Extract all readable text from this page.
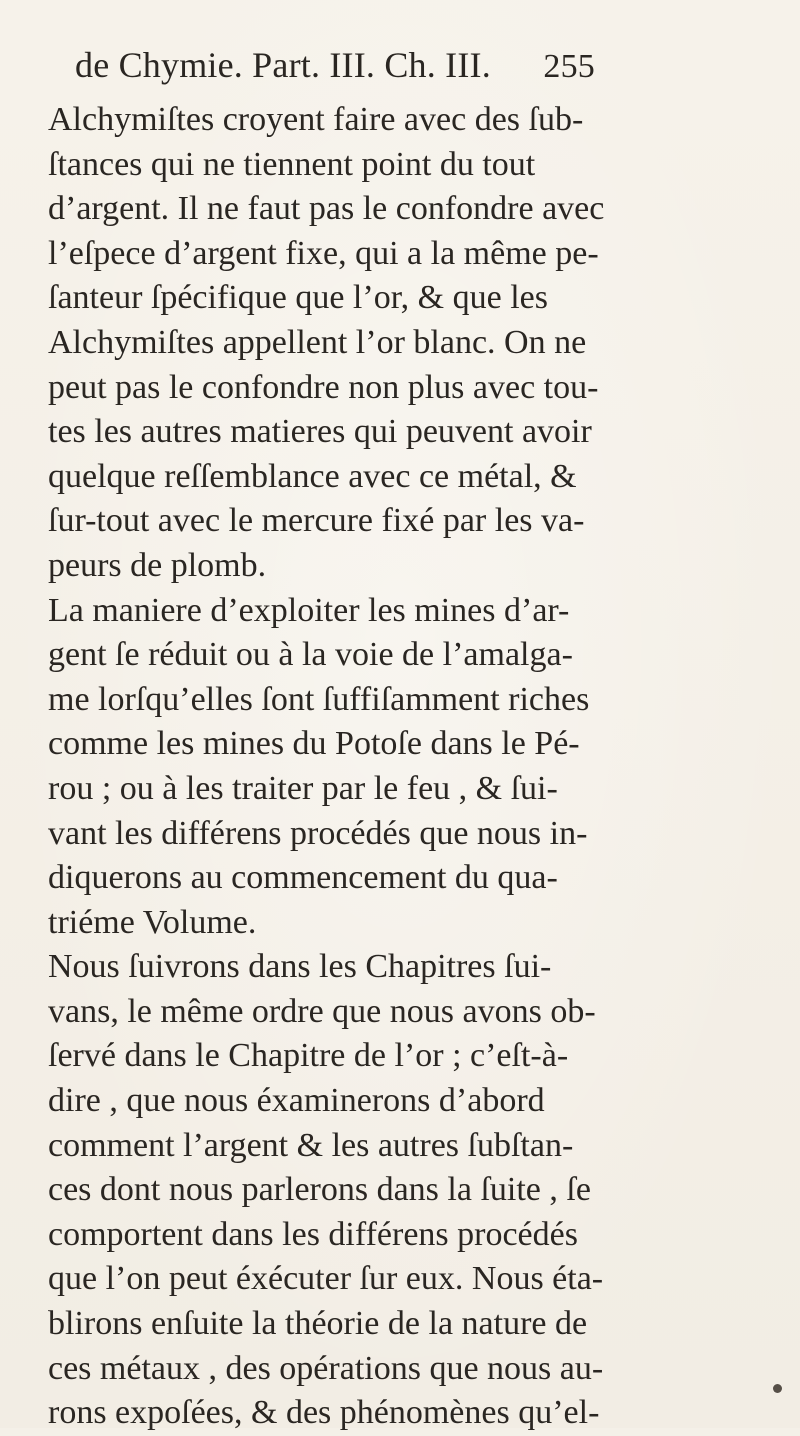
de Chymie. Part. III. Ch. III. 255
Alchymiſtes croyent faire avec des ſub-
ſtances qui ne tiennent point du tout
d’argent. Il ne faut pas le confondre avec
l’eſpece d’argent fixe, qui a la même pe-
ſanteur ſpécifique que l’or, & que les
Alchymiſtes appellent l’or blanc. On ne
peut pas le confondre non plus avec tou-
tes les autres matieres qui peuvent avoir
quelque reſſemblance avec ce métal, &
ſur-tout avec le mercure fixé par les va-
peurs de plomb.
La maniere d’exploiter les mines d’ar-
gent ſe réduit ou à la voie de l’amalga-
me lorſqu’elles ſont ſuffiſamment riches
comme les mines du Potoſe dans le Pé-
rou ; ou à les traiter par le feu , & ſui-
vant les différens procédés que nous in-
diquerons au commencement du qua-
triéme Volume.
Nous ſuivrons dans les Chapitres ſui-
vans, le même ordre que nous avons ob-
ſervé dans le Chapitre de l’or ; c’eſt-à-
dire , que nous éxaminerons d’abord
comment l’argent & les autres ſubſtan-
ces dont nous parlerons dans la ſuite , ſe
comportent dans les différens procédés
que l’on peut éxécuter ſur eux. Nous éta-
blirons enſuite la théorie de la nature de
ces métaux , des opérations que nous au-
rons expoſées, & des phénomènes qu’el-
